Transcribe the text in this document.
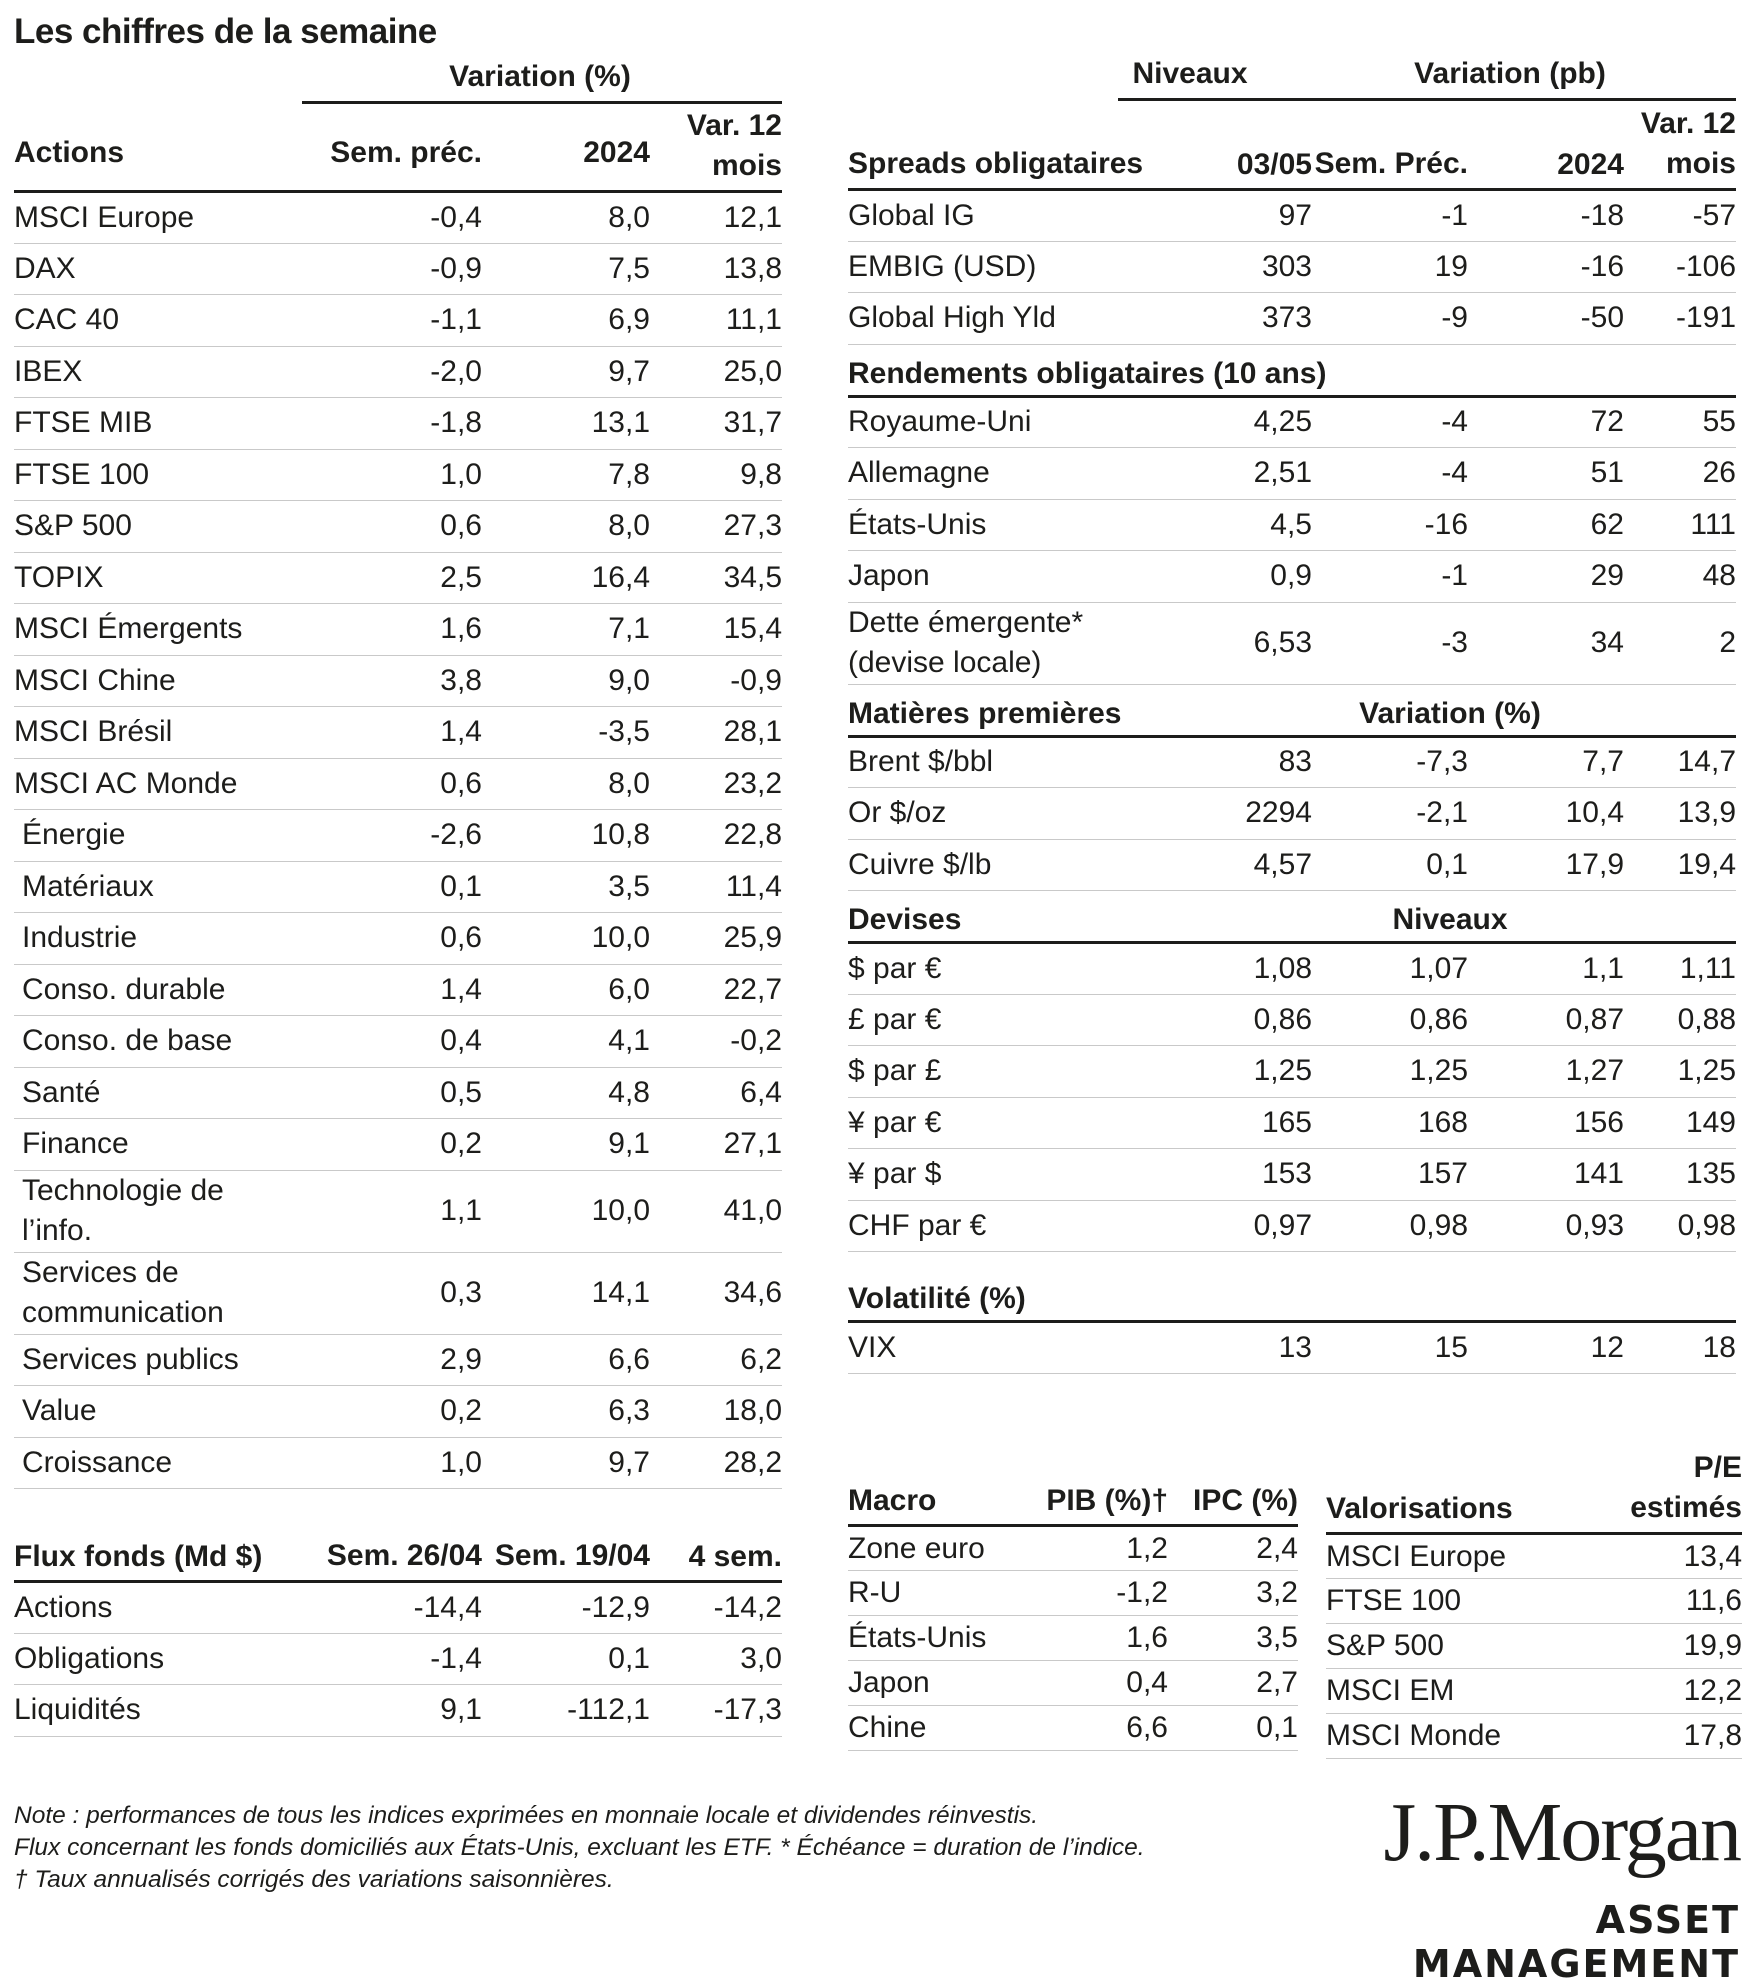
Les chiffres de la semaine
Variation (%)
Actions	Sem. préc.	2024	Var. 12 mois
MSCI Europe	-0,4	8,0	12,1
DAX	-0,9	7,5	13,8
CAC 40	-1,1	6,9	11,1
IBEX	-2,0	9,7	25,0
FTSE MIB	-1,8	13,1	31,7
FTSE 100	1,0	7,8	9,8
S&P 500	0,6	8,0	27,3
TOPIX	2,5	16,4	34,5
MSCI Émergents	1,6	7,1	15,4
MSCI Chine	3,8	9,0	-0,9
MSCI Brésil	1,4	-3,5	28,1
MSCI AC Monde	0,6	8,0	23,2
Énergie	-2,6	10,8	22,8
Matériaux	0,1	3,5	11,4
Industrie	0,6	10,0	25,9
Conso. durable	1,4	6,0	22,7
Conso. de base	0,4	4,1	-0,2
Santé	0,5	4,8	6,4
Finance	0,2	9,1	27,1
Technologie de l’info.	1,1	10,0	41,0
Services de communication	0,3	14,1	34,6
Services publics	2,9	6,6	6,2
Value	0,2	6,3	18,0
Croissance	1,0	9,7	28,2
Flux fonds (Md $)	Sem. 26/04	Sem. 19/04	4 sem.
Actions	-14,4	-12,9	-14,2
Obligations	-1,4	0,1	3,0
Liquidités	9,1	-112,1	-17,3
Niveaux	Variation (pb)
Spreads obligataires	03/05	Sem. Préc.	2024	Var. 12 mois
Global IG	97	-1	-18	-57
EMBIG (USD)	303	19	-16	-106
Global High Yld	373	-9	-50	-191
Rendements obligataires (10 ans)				
Royaume-Uni	4,25	-4	72	55
Allemagne	2,51	-4	51	26
États-Unis	4,5	-16	62	111
Japon	0,9	-1	29	48
Dette émergente* (devise locale)	6,53	-3	34	2
Matières premières	Variation (%)			
Brent $/bbl	83	-7,3	7,7	14,7
Or $/oz	2294	-2,1	10,4	13,9
Cuivre $/lb	4,57	0,1	17,9	19,4
Devises	Niveaux			
$ par €	1,08	1,07	1,1	1,11
£ par €	0,86	0,86	0,87	0,88
$ par £	1,25	1,25	1,27	1,25
¥ par €	165	168	156	149
¥ par $	153	157	141	135
CHF par €	0,97	0,98	0,93	0,98

Volatilité (%)				
VIX	13	15	12	18
Macro	PIB (%)†	IPC (%)
Zone euro	1,2	2,4
R-U	-1,2	3,2
États-Unis	1,6	3,5
Japon	0,4	2,7
Chine	6,6	0,1
Valorisations	P/E estimés
MSCI Europe	13,4
FTSE 100	11,6
S&P 500	19,9
MSCI EM	12,2
MSCI Monde	17,8
Note : performances de tous les indices exprimées en monnaie locale et dividendes réinvestis.
Flux concernant les fonds domiciliés aux États-Unis, excluant les ETF. * Échéance = duration de l’indice.
† Taux annualisés corrigés des variations saisonnières.
J.P.Morgan
ASSET MANAGEMENT
